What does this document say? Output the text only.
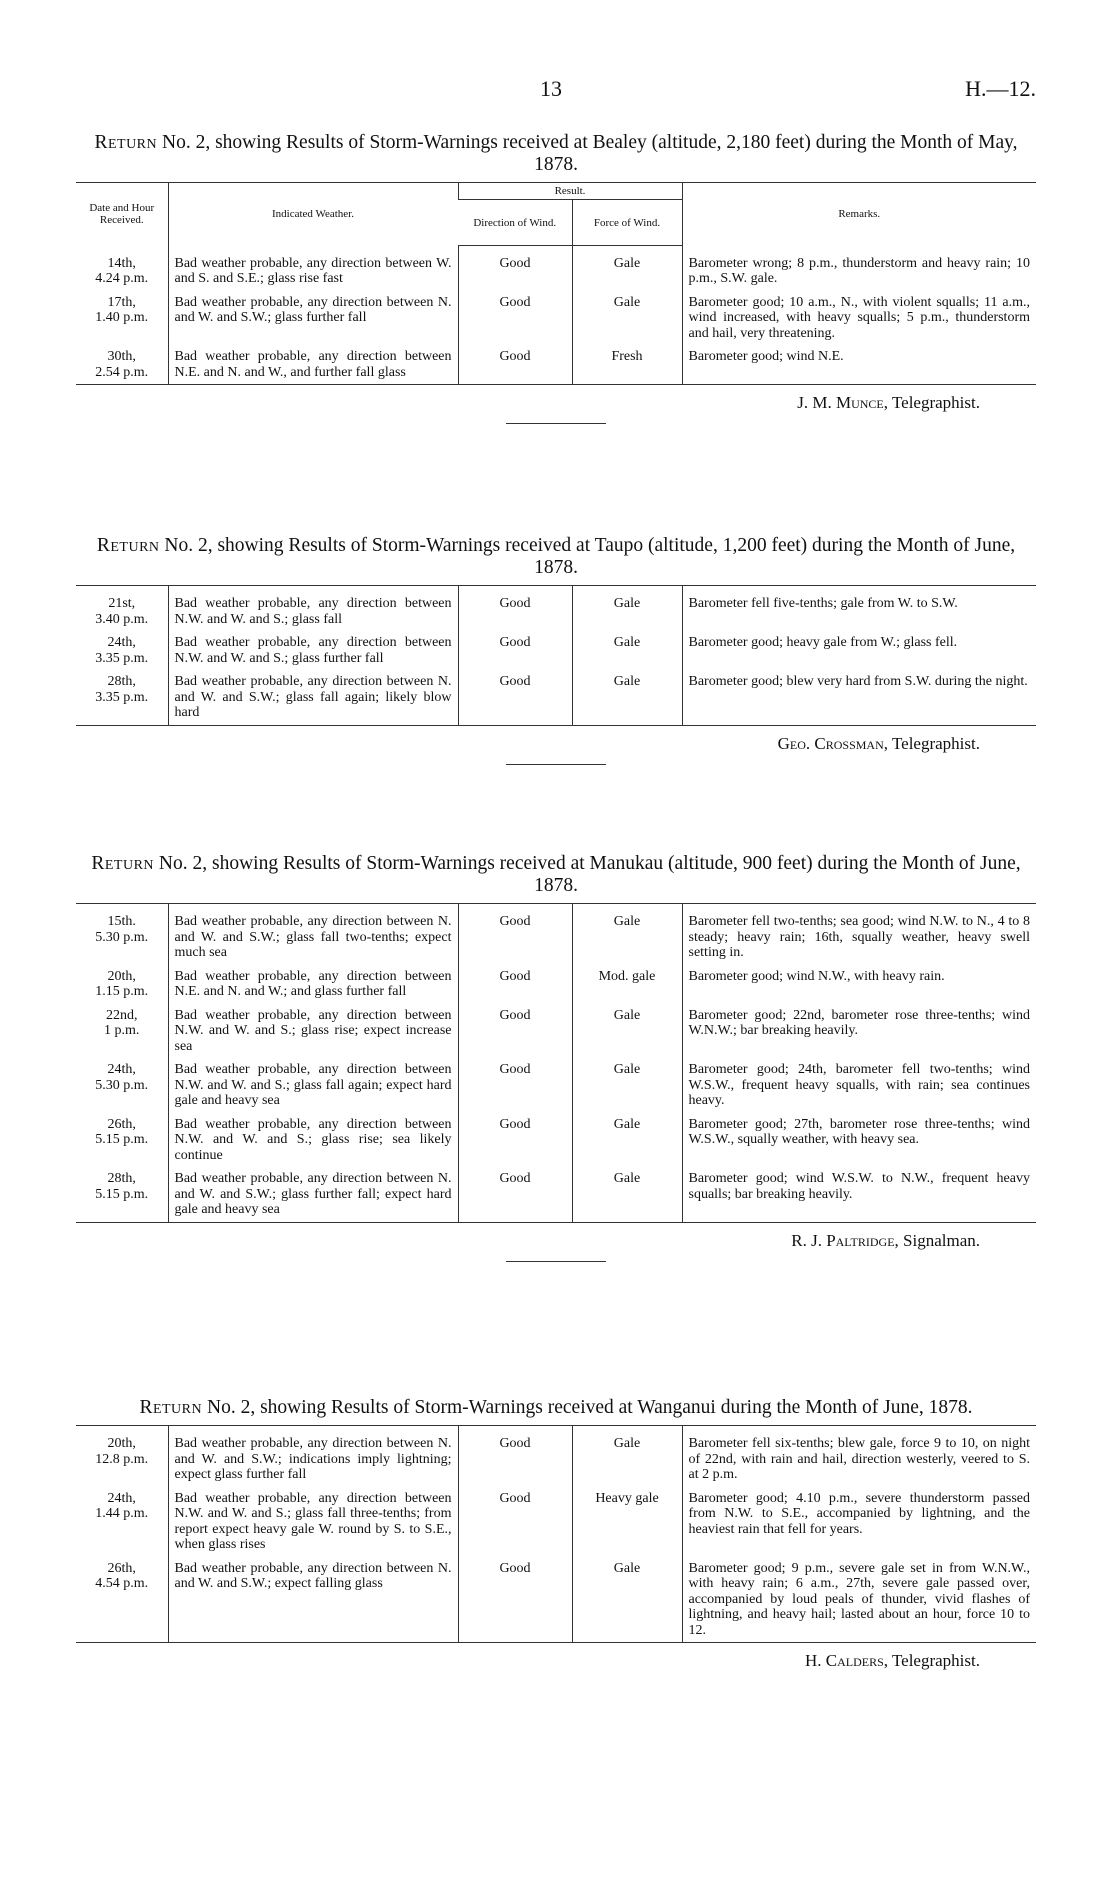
13	H.—12.

Return No. 2, showing Results of Storm-Warnings received at Bealey (altitude, 2,180 feet) during the Month of May, 1878.

Date and Hour Received.	Indicated Weather.	Result.		Remarks.
		Direction of Wind.	Force of Wind.	
14th,
4.24 p.m.	Bad weather probable, any direction between W. and S. and S.E.; glass rise fast	Good	Gale	Barometer wrong; 8 p.m., thunderstorm and heavy rain; 10 p.m., S.W. gale.
17th,
1.40 p.m.	Bad weather probable, any direction between N. and W. and S.W.; glass further fall	Good	Gale	Barometer good; 10 a.m., N., with violent squalls; 11 a.m., wind increased, with heavy squalls; 5 p.m., thunderstorm and hail, very threatening.
30th,
2.54 p.m.	Bad weather probable, any direction between N.E. and N. and W., and further fall glass	Good	Fresh	Barometer good; wind N.E.
J. M. Munce, Telegraphist.

Return No. 2, showing Results of Storm-Warnings received at Taupo (altitude, 1,200 feet) during the Month of June, 1878.

21st,
3.40 p.m.	Bad weather probable, any direction between N.W. and W. and S.; glass fall	Good	Gale	Barometer fell five-tenths; gale from W. to S.W.
24th,
3.35 p.m.	Bad weather probable, any direction between N.W. and W. and S.; glass further fall	Good	Gale	Barometer good; heavy gale from W.; glass fell.
28th,
3.35 p.m.	Bad weather probable, any direction between N. and W. and S.W.; glass fall again; likely blow hard	Good	Gale	Barometer good; blew very hard from S.W. during the night.
Geo. Crossman, Telegraphist.

Return No. 2, showing Results of Storm-Warnings received at Manukau (altitude, 900 feet) during the Month of June, 1878.

15th.
5.30 p.m.	Bad weather probable, any direction between N. and W. and S.W.; glass fall two-tenths; expect much sea	Good	Gale	Barometer fell two-tenths; sea good; wind N.W. to N., 4 to 8 steady; heavy rain; 16th, squally weather, heavy swell setting in.
20th,
1.15 p.m.	Bad weather probable, any direction between N.E. and N. and W.; and glass further fall	Good	Mod. gale	Barometer good; wind N.W., with heavy rain.
22nd,
1 p.m.	Bad weather probable, any direction between N.W. and W. and S.; glass rise; expect increase sea	Good	Gale	Barometer good; 22nd, barometer rose three-tenths; wind W.N.W.; bar breaking heavily.
24th,
5.30 p.m.	Bad weather probable, any direction between N.W. and W. and S.; glass fall again; expect hard gale and heavy sea	Good	Gale	Barometer good; 24th, barometer fell two-tenths; wind W.S.W., frequent heavy squalls, with rain; sea continues heavy.
26th,
5.15 p.m.	Bad weather probable, any direction between N.W. and W. and S.; glass rise; sea likely continue	Good	Gale	Barometer good; 27th, barometer rose three-tenths; wind W.S.W., squally weather, with heavy sea.
28th,
5.15 p.m.	Bad weather probable, any direction between N. and W. and S.W.; glass further fall; expect hard gale and heavy sea	Good	Gale	Barometer good; wind W.S.W. to N.W., frequent heavy squalls; bar breaking heavily.
R. J. Paltridge, Signalman.

Return No. 2, showing Results of Storm-Warnings received at Wanganui during the Month of June, 1878.

20th,
12.8 p.m.	Bad weather probable, any direction between N. and W. and S.W.; indications imply lightning; expect glass further fall	Good	Gale	Barometer fell six-tenths; blew gale, force 9 to 10, on night of 22nd, with rain and hail, direction westerly, veered to S. at 2 p.m.
24th,
1.44 p.m.	Bad weather probable, any direction between N.W. and W. and S.; glass fall three-tenths; from report expect heavy gale W. round by S. to S.E., when glass rises	Good	Heavy gale	Barometer good; 4.10 p.m., severe thunderstorm passed from N.W. to S.E., accompanied by lightning, and the heaviest rain that fell for years.
26th,
4.54 p.m.	Bad weather probable, any direction between N. and W. and S.W.; expect falling glass	Good	Gale	Barometer good; 9 p.m., severe gale set in from W.N.W., with heavy rain; 6 a.m., 27th, severe gale passed over, accompanied by loud peals of thunder, vivid flashes of lightning, and heavy hail; lasted about an hour, force 10 to 12.
H. Calders, Telegraphist.
